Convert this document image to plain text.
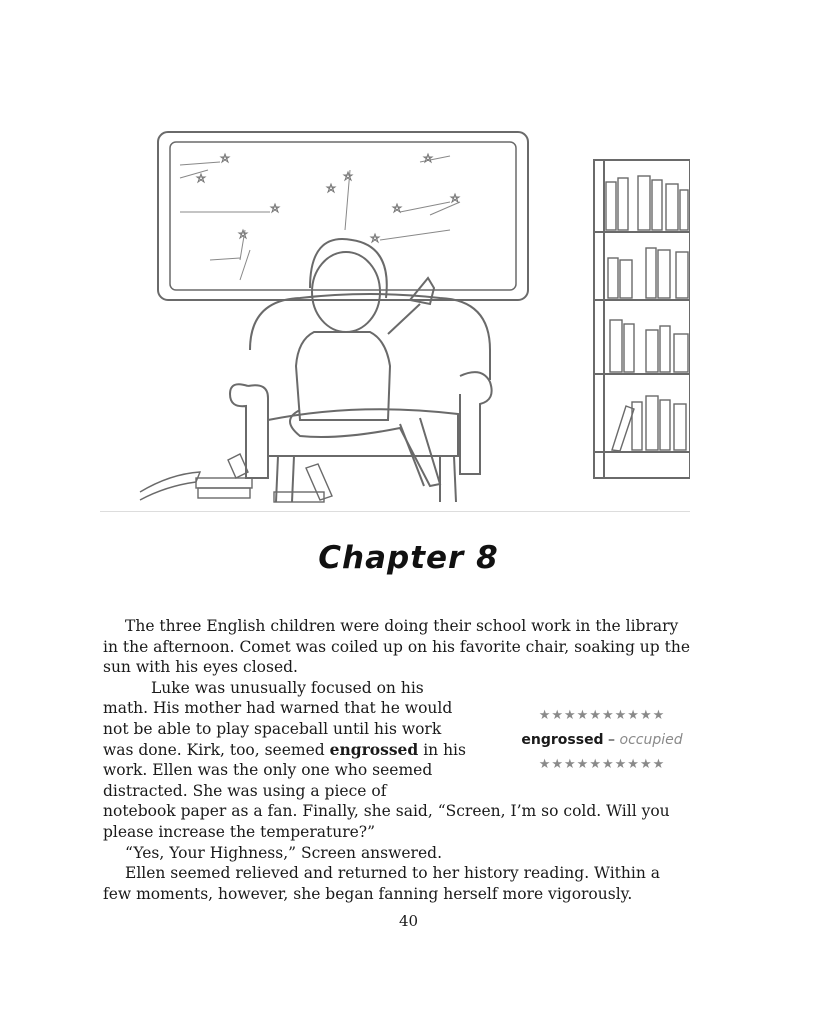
Chapter 8

The three English children were doing their school work in the library in the afternoon. Comet was coiled up on his favorite chair, soaking up the sun with his eyes closed.

Luke was unusually focused on his math. His mother had warned that he would not be able to play spaceball until his work was done. Kirk, too, seemed engrossed in his work. Ellen was the only one who seemed distracted. She was using a piece of

notebook paper as a fan. Finally, she said, “Screen, I’m so cold. Will you please increase the temperature?”

“Yes, Your Highness,” Screen answered.

Ellen seemed relieved and returned to her history reading. Within a few moments, however, she began fanning herself more vigorously.

★★★★★★★★★★
engrossed – occupied
★★★★★★★★★★
40
